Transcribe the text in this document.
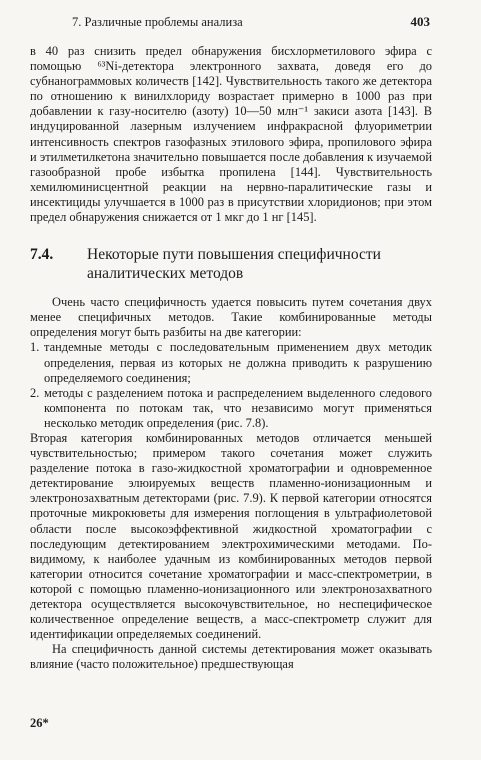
7. Различные проблемы анализа	403

в 40 раз снизить предел обнаружения бисхлорметилового эфира с помощью ⁶³Ni-детектора электронного захвата, доведя его до субнанограммовых количеств [142]. Чувствительность такого же детектора по отношению к винилхлориду возрастает примерно в 1000 раз при добавлении к газу-носителю (азоту) 10—50 млн⁻¹ закиси азота [143]. В индуцированной лазерным излучением инфракрасной флуориметрии интенсивность спектров газофазных этилового эфира, пропилового эфира и этилметилкетона значительно повышается после добавления к изучаемой газообразной пробе избытка пропилена [144]. Чувствительность хемилюминисцентной реакции на нервно-паралитические газы и инсектициды улучшается в 1000 раз в присутствии хлоридионов; при этом предел обнаружения снижается от 1 мкг до 1 нг [145].

7.4.	Некоторые пути повышения специфичности аналитических методов

Очень часто специфичность удается повысить путем сочетания двух менее специфичных методов. Такие комбинированные методы определения могут быть разбиты на две категории:

1. тандемные методы с последовательным применением двух методик определения, первая из которых не должна приводить к разрушению определяемого соединения;
2. методы с разделением потока и распределением выделенного следового компонента по потокам так, что независимо могут применяться несколько методик определения (рис. 7.8).

Вторая категория комбинированных методов отличается меньшей чувствительностью; примером такого сочетания может служить разделение потока в газо-жидкостной хроматографии и одновременное детектирование элюируемых веществ пламенно-ионизационным и электронозахватным детекторами (рис. 7.9). К первой категории относятся проточные микрокюветы для измерения поглощения в ультрафиолетовой области после высокоэффективной жидкостной хроматографии с последующим детектированием электрохимическими методами. По-видимому, к наиболее удачным из комбинированных методов первой категории относится сочетание хроматографии и масс-спектрометрии, в которой с помощью пламенно-ионизационного или электронозахватного детектора осуществляется высокочувствительное, но неспецифическое количественное определение веществ, а масс-спектрометр служит для идентификации определяемых соединений.

На специфичность данной системы детектирования может оказывать влияние (часто положительное) предшествующая

26*
